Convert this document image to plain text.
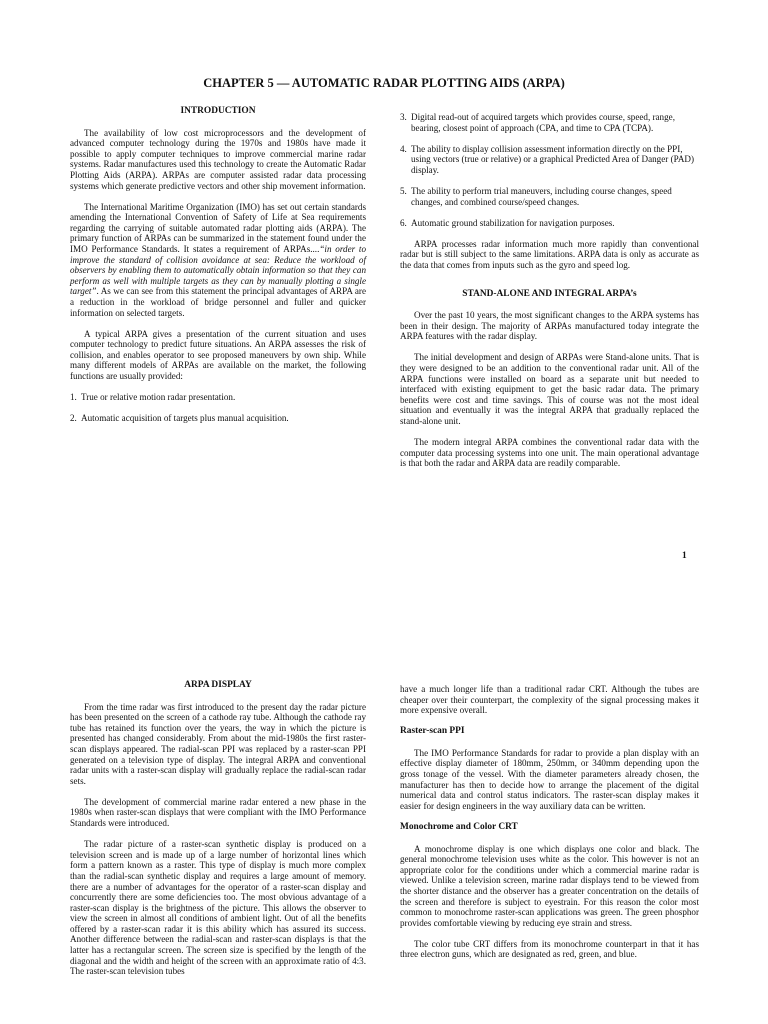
CHAPTER 5 — AUTOMATIC RADAR PLOTTING AIDS (ARPA)
INTRODUCTION

The availability of low cost microprocessors and the development of advanced computer technology during the 1970s and 1980s have made it possible to apply computer techniques to improve commercial marine radar systems. Radar manufactures used this technology to create the Automatic Radar Plotting Aids (ARPA). ARPAs are computer assisted radar data processing systems which generate predictive vectors and other ship movement information.

The International Maritime Organization (IMO) has set out certain standards amending the International Convention of Safety of Life at Sea requirements regarding the carrying of suitable automated radar plotting aids (ARPA). The primary function of ARPAs can be summarized in the statement found under the IMO Performance Standards. It states a requirement of ARPAs....“in order to improve the standard of collision avoidance at sea: Reduce the workload of observers by enabling them to automatically obtain information so that they can perform as well with multiple targets as they can by manually plotting a single target”. As we can see from this statement the principal advantages of ARPA are a reduction in the workload of bridge personnel and fuller and quicker information on selected targets.

A typical ARPA gives a presentation of the current situation and uses computer technology to predict future situations. An ARPA assesses the risk of collision, and enables operator to see proposed maneuvers by own ship. While many different models of ARPAs are available on the market, the following functions are usually provided:

1. True or relative motion radar presentation.
2. Automatic acquisition of targets plus manual acquisition.
3. Digital read-out of acquired targets which provides course, speed, range, bearing, closest point of approach (CPA, and time to CPA (TCPA).
4. The ability to display collision assessment information directly on the PPI, using vectors (true or relative) or a graphical Predicted Area of Danger (PAD) display.
5. The ability to perform trial maneuvers, including course changes, speed changes, and combined course/speed changes.
6. Automatic ground stabilization for navigation purposes.

ARPA processes radar information much more rapidly than conventional radar but is still subject to the same limitations. ARPA data is only as accurate as the data that comes from inputs such as the gyro and speed log.

STAND-ALONE AND INTEGRAL ARPA’s

Over the past 10 years, the most significant changes to the ARPA systems has been in their design. The majority of ARPAs manufactured today integrate the ARPA features with the radar display.

The initial development and design of ARPAs were Stand-alone units. That is they were designed to be an addition to the conventional radar unit. All of the ARPA functions were installed on board as a separate unit but needed to interfaced with existing equipment to get the basic radar data. The primary benefits were cost and time savings. This of course was not the most ideal situation and eventually it was the integral ARPA that gradually replaced the stand-alone unit.

The modern integral ARPA combines the conventional radar data with the computer data processing systems into one unit. The main operational advantage is that both the radar and ARPA data are readily comparable.

1

ARPA DISPLAY

From the time radar was first introduced to the present day the radar picture has been presented on the screen of a cathode ray tube. Although the cathode ray tube has retained its function over the years, the way in which the picture is presented has changed considerably. From about the mid-1980s the first raster-scan displays appeared. The radial-scan PPI was replaced by a raster-scan PPI generated on a television type of display. The integral ARPA and conventional radar units with a raster-scan display will gradually replace the radial-scan radar sets.

The development of commercial marine radar entered a new phase in the 1980s when raster-scan displays that were compliant with the IMO Performance Standards were introduced.

The radar picture of a raster-scan synthetic display is produced on a television screen and is made up of a large number of horizontal lines which form a pattern known as a raster. This type of display is much more complex than the radial-scan synthetic display and requires a large amount of memory. there are a number of advantages for the operator of a raster-scan display and concurrently there are some deficiencies too. The most obvious advantage of a raster-scan display is the brightness of the picture. This allows the observer to view the screen in almost all conditions of ambient light. Out of all the benefits offered by a raster-scan radar it is this ability which has assured its success. Another difference between the radial-scan and raster-scan displays is that the latter has a rectangular screen. The screen size is specified by the length of the diagonal and the width and height of the screen with an approximate ratio of 4:3. The raster-scan television tubes

have a much longer life than a traditional radar CRT. Although the tubes are cheaper over their counterpart, the complexity of the signal processing makes it more expensive overall.

Raster-scan PPI

The IMO Performance Standards for radar to provide a plan display with an effective display diameter of 180mm, 250mm, or 340mm depending upon the gross tonage of the vessel. With the diameter parameters already chosen, the manufacturer has then to decide how to arrange the placement of the digital numerical data and control status indicators. The raster-scan display makes it easier for design engineers in the way auxiliary data can be written.

Monochrome and Color CRT

A monochrome display is one which displays one color and black. The general monochrome television uses white as the color. This however is not an appropriate color for the conditions under which a commercial marine radar is viewed. Unlike a television screen, marine radar displays tend to be viewed from the shorter distance and the observer has a greater concentration on the details of the screen and therefore is subject to eyestrain. For this reason the color most common to monochrome raster-scan applications was green. The green phosphor provides comfortable viewing by reducing eye strain and stress.

The color tube CRT differs from its monochrome counterpart in that it has three electron guns, which are designated as red, green, and blue.
